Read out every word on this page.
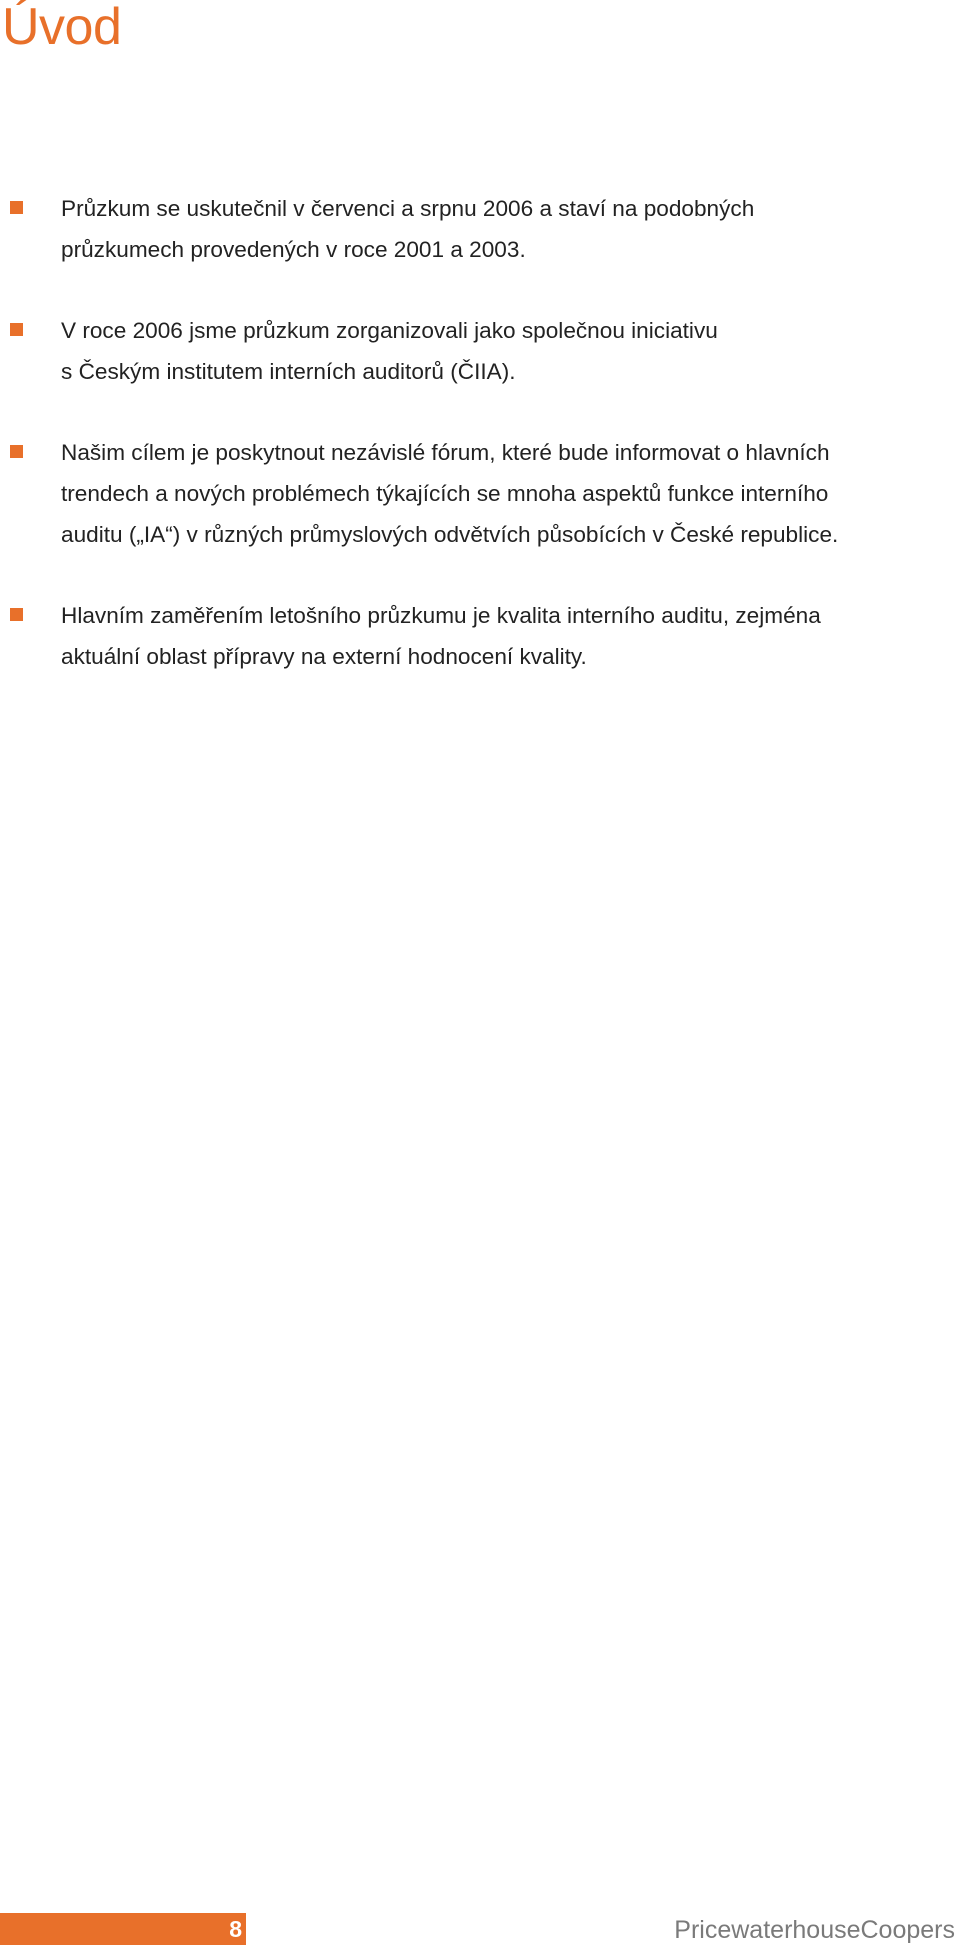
Úvod
Průzkum se uskutečnil v červenci a srpnu 2006 a staví na podobných
průzkumech provedených v roce 2001 a 2003.
V roce 2006 jsme průzkum zorganizovali jako společnou iniciativu
s Českým institutem interních auditorů (ČIIA).
Našim cílem je poskytnout nezávislé fórum, které bude informovat o hlavních
trendech a nových problémech týkajících se mnoha aspektů funkce interního
auditu („IA“) v různých průmyslových odvětvích působících v České republice.
Hlavním zaměřením letošního průzkumu je kvalita interního auditu, zejména
aktuální oblast přípravy na externí hodnocení kvality.
8	PricewaterhouseCoopers
